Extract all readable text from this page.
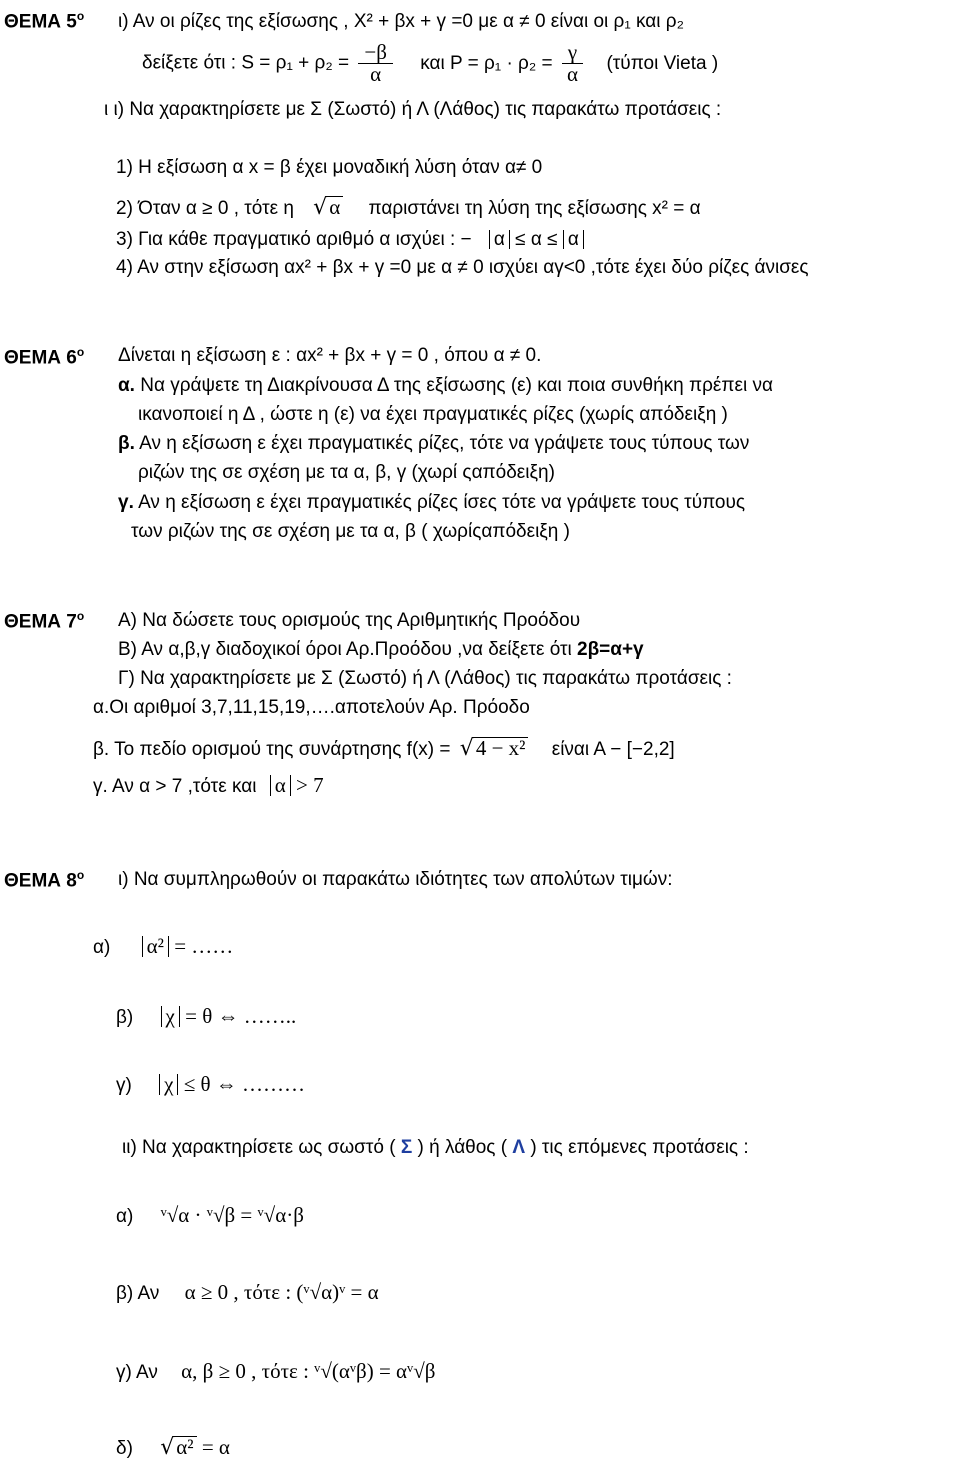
ΘΕΜΑ $5^o$ ι) Αν οι ρίζες της εξίσωσης , Χ² + βx + γ =0 με α ≠ 0 είναι οι ρ₁ και ρ₂
δείξετε ότι : $S = \rho_1 + \rho_2 = \frac{-\beta}{\alpha}$ και $P = \rho_1 \cdot \rho_2 = \frac{\gamma}{\alpha} (\tau ύ\pi o\iota$ Vieta )
ι ι) Να χαρακτηρίσετε με Σ (Σωστό) ή Λ (Λάθος) τις παρακάτω προτάσεις :
1) Η εξίσωση α x = β έχει μοναδική λύση όταν α≠ 0
2) Όταν α ≥ 0 , τότε η √α παριστάνει τη λύση της εξίσωσης x² = α
3) Για κάθε πραγματικό αριθμό α ισχύει : − α ≤ α ≤ α
4) Αν στην εξίσωση αx² + βx + γ =0 με α ≠ 0 ισχύει αγ<0 ,τότε έχει δύο ρίζες άνισες
ΘΕΜΑ $6^o$ Δίνεται η εξίσωση ε : αx² + βx + γ = 0 , όπου α ≠ 0.
α. Να γράψετε τη Διακρίνουσα Δ της εξίσωσης (ε) και ποια συνθήκη πρέπει να
ικανοποιεί η Δ , ώστε η (ε) να έχει πραγματικές ρίζες (χωρίς απόδειξη )
β. Αν η εξίσωση ε έχει πραγματικές ρίζες, τότε να γράψετε τους τύπους των
ριζών της σε σχέση με τα α, β, γ (χωρί ςαπόδειξη)
γ. Αν η εξίσωση ε έχει πραγματικές ρίζες ίσες τότε να γράψετε τους τύπους
των ριζών της σε σχέση με τα α, β ( χωρίςαπόδειξη )
ΘΕΜΑ $7^o$ Α) Να δώσετε τους ορισμούς της Αριθμητικής Προόδου
Β) Αν α,β,γ διαδοχικοί όροι Αρ.Προόδου ,να δείξετε ότι 2β=α+γ
Γ) Να χαρακτηρίσετε με Σ (Σωστό) ή Λ (Λάθος) τις παρακάτω προτάσεις :
α.Οι αριθμοί 3,7,11,15,19,….αποτελούν Αρ. Πρόοδο
β. Το πεδίο ορισμού της συνάρτησης f(x) = √4 − x² είναι Α − [−2,2]
γ. Αν α > 7 ,τότε και α > 7
ΘΕΜΑ $8^o$ ι) Να συμπληρωθούν οι παρακάτω ιδιότητες των απολύτων τιμών:
α) α² = ……
β) χ = θ ⇔ ……..
γ) χ ≤ θ ⇔ ………
ιι) Να χαρακτηρίσετε ως σωστό ( Σ ) ή λάθος ( Λ ) τις επόμενες προτάσεις :
α) ᵛ√α · ᵛ√β = ᵛ√α·β
β) Αν α ≥ 0 , τότε : (ᵛ√α)ᵛ = α
γ) Αν α, β ≥ 0 , τότε : ᵛ√(αᵛβ) = αᵛ√β
δ) √α² = α
